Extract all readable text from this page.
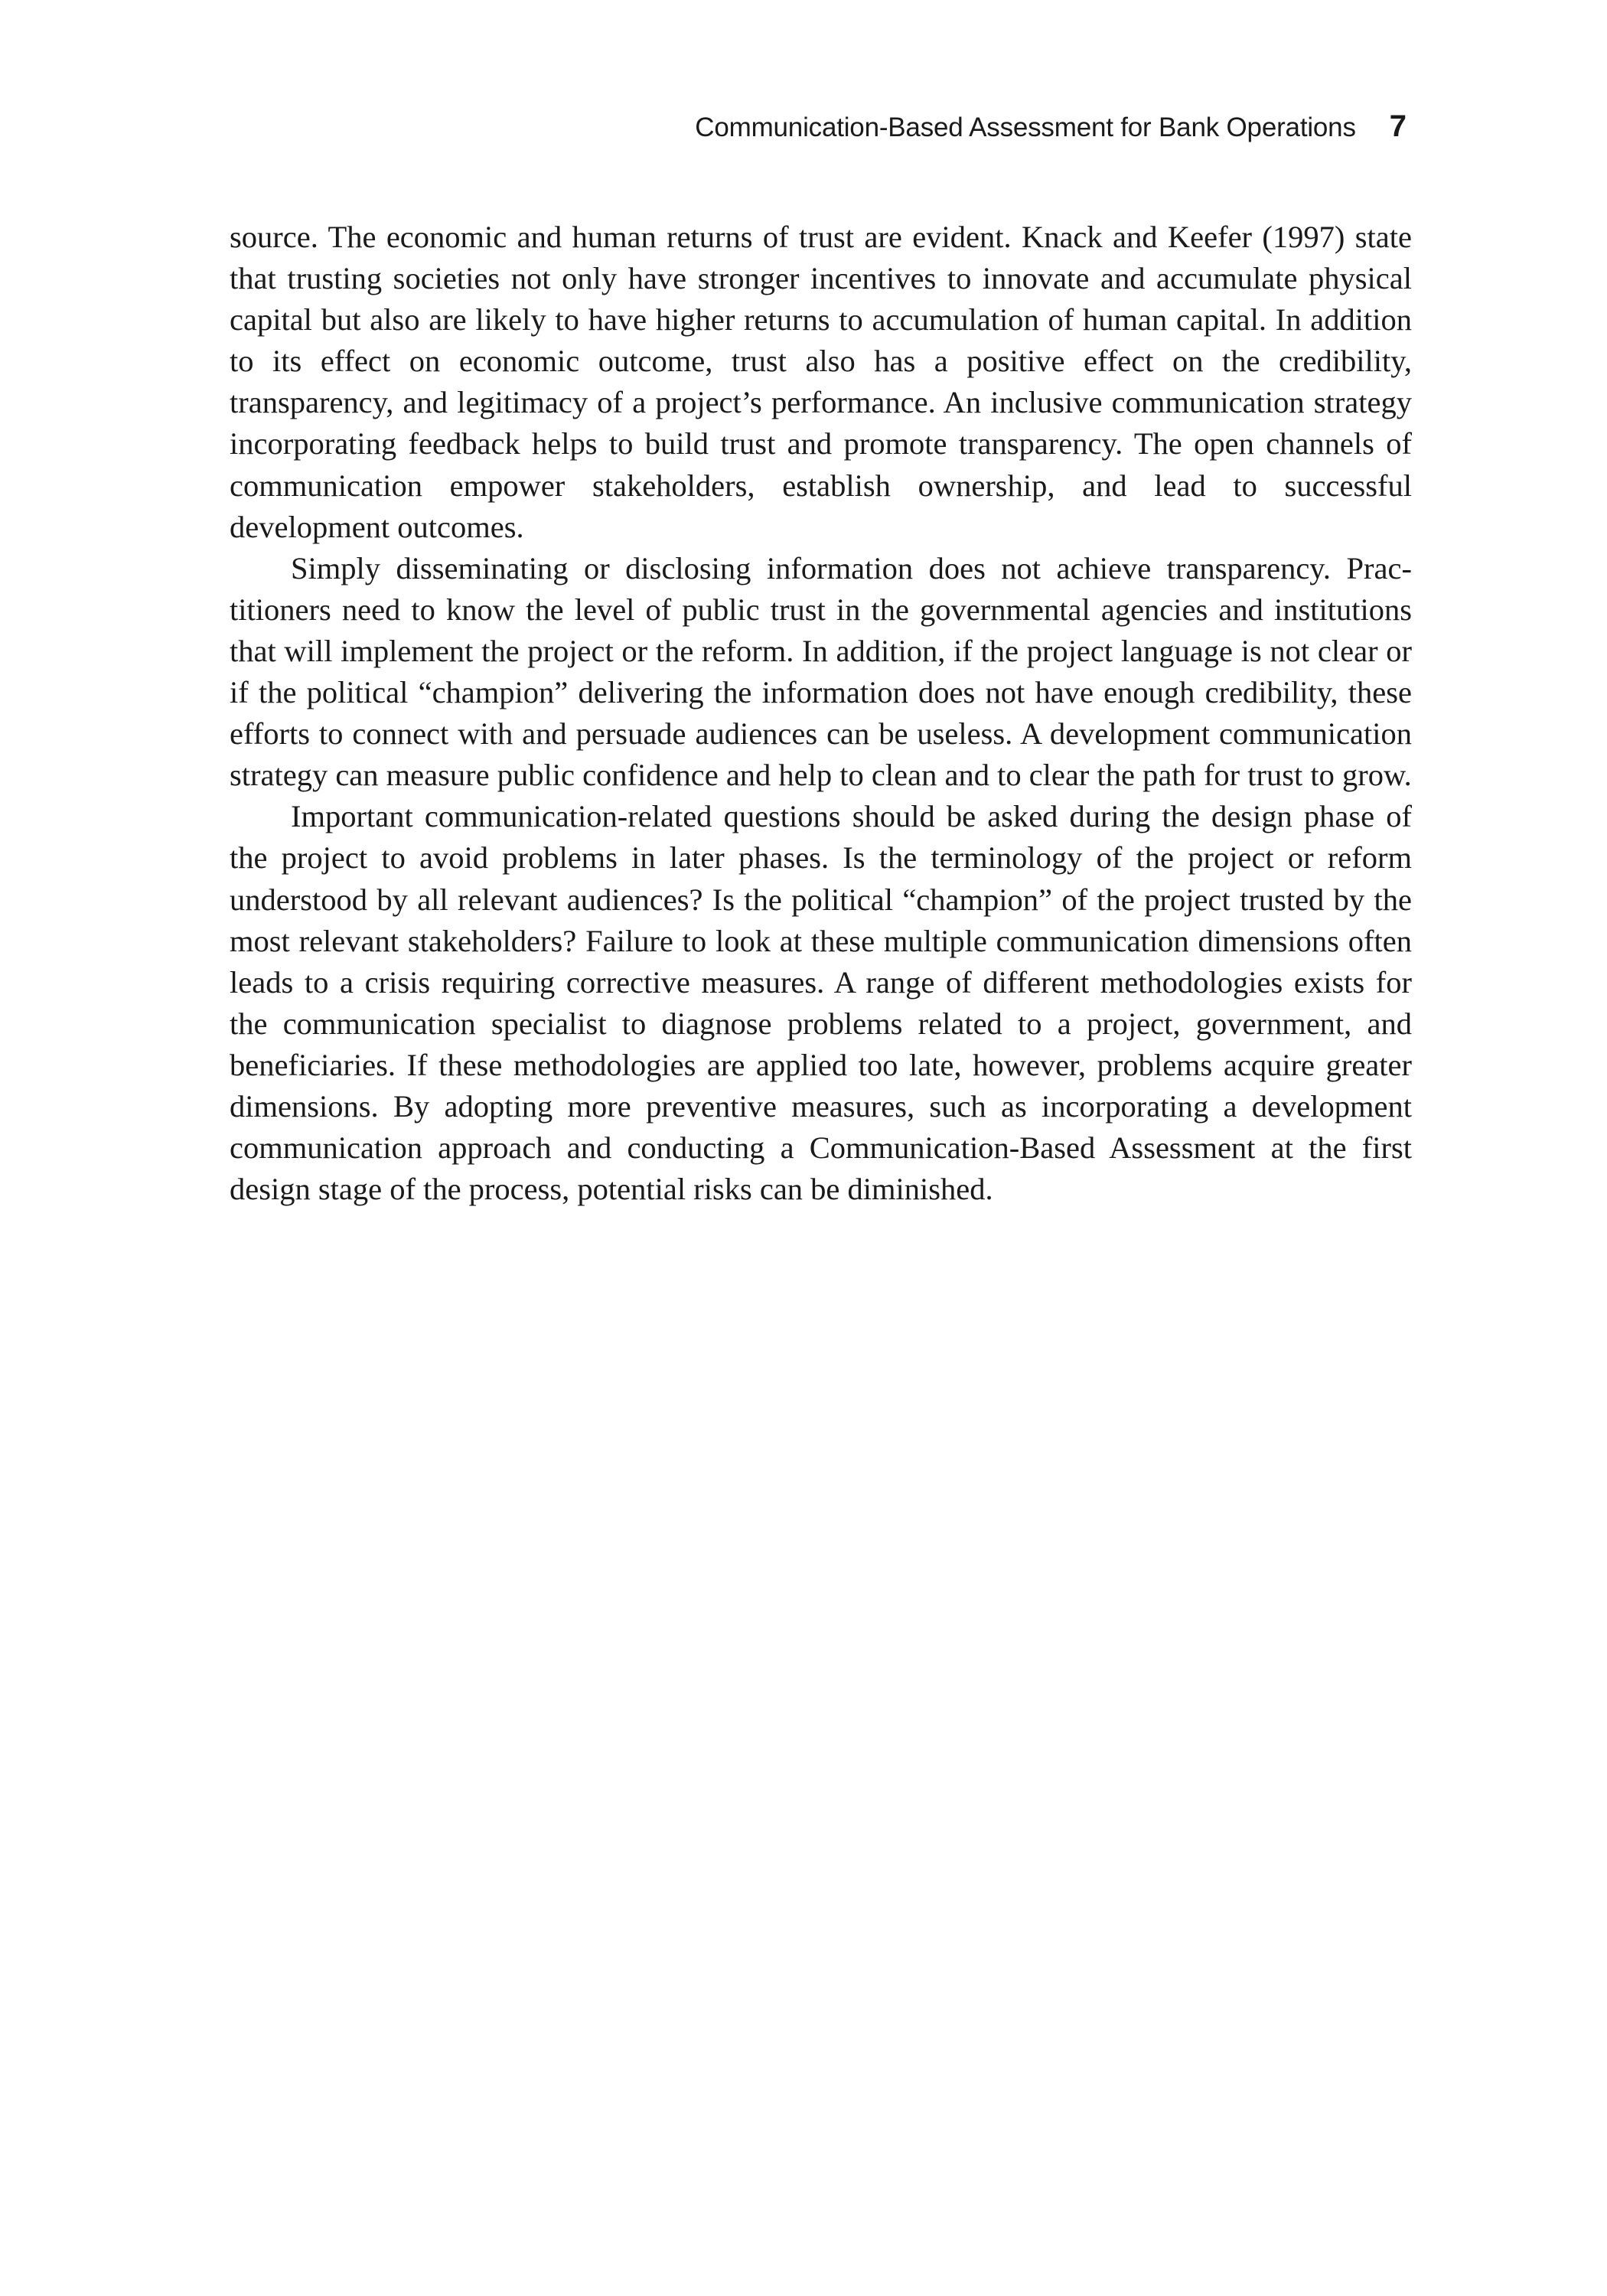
Communication-Based Assessment for Bank Operations 7

source. The economic and human returns of trust are evident. Knack and Keefer (1997) state that trusting societies not only have stronger incentives to innovate and accumulate physical capital but also are likely to have higher returns to accumulation of human capital. In addition to its effect on economic outcome, trust also has a positive effect on the credibility, transparency, and legitimacy of a project’s performance. An inclusive communication strategy incorporating feedback helps to build trust and promote transparency. The open channels of communication empower stakeholders, establish ownership, and lead to successful development outcomes.

Simply disseminating or disclosing information does not achieve transparency. Practitioners need to know the level of public trust in the governmental agencies and institutions that will implement the project or the reform. In addition, if the project language is not clear or if the political “champion” delivering the information does not have enough credibility, these efforts to connect with and persuade audiences can be useless. A development communication strategy can measure public confidence and help to clean and to clear the path for trust to grow.

Important communication-related questions should be asked during the design phase of the project to avoid problems in later phases. Is the terminology of the project or reform understood by all relevant audiences? Is the political “champion” of the project trusted by the most relevant stakeholders? Failure to look at these multiple communication dimensions often leads to a crisis requiring corrective measures. A range of different methodologies exists for the communication specialist to diagnose problems related to a project, government, and beneficiaries. If these methodologies are applied too late, however, problems acquire greater dimensions. By adopting more preventive measures, such as incorporating a development communication approach and conducting a Communication-Based Assessment at the first design stage of the process, potential risks can be diminished.
